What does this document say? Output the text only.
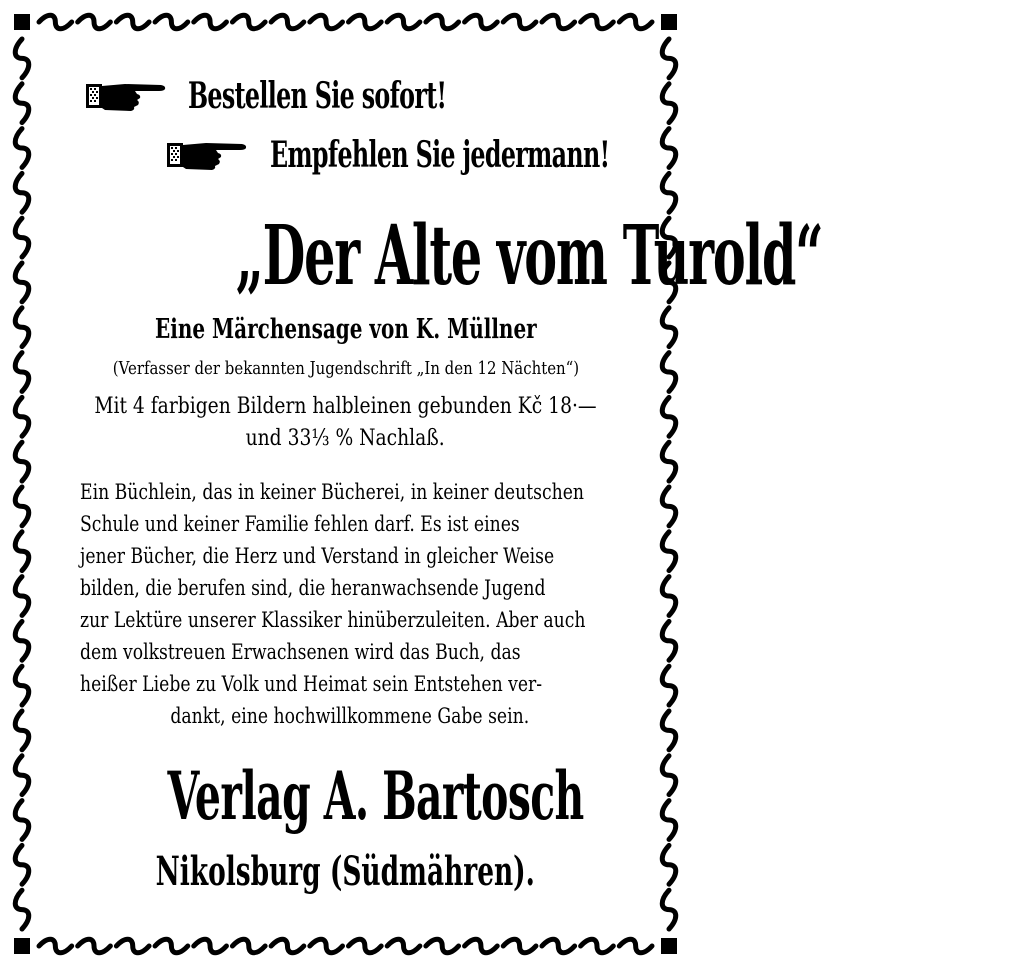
Bestellen Sie sofort!
Empfehlen Sie jedermann!
„Der Alte vom Turold“
Eine Märchensage von K. Müllner
(Verfasser der bekannten Jugendschrift „In den 12 Nächten“)
Mit 4 farbigen Bildern halbleinen gebunden Kč 18·—
und 33⅓ % Nachlaß.
Ein Büchlein, das in keiner Bücherei, in keiner deutschen
Schule und keiner Familie fehlen darf. Es ist eines
jener Bücher, die Herz und Verstand in gleicher Weise
bilden, die berufen sind, die heranwachsende Jugend
zur Lektüre unserer Klassiker hinüberzuleiten. Aber auch
dem volkstreuen Erwachsenen wird das Buch, das
heißer Liebe zu Volk und Heimat sein Entstehen ver-
dankt, eine hochwillkommene Gabe sein.
Verlag A. Bartosch
Nikolsburg (Südmähren).
